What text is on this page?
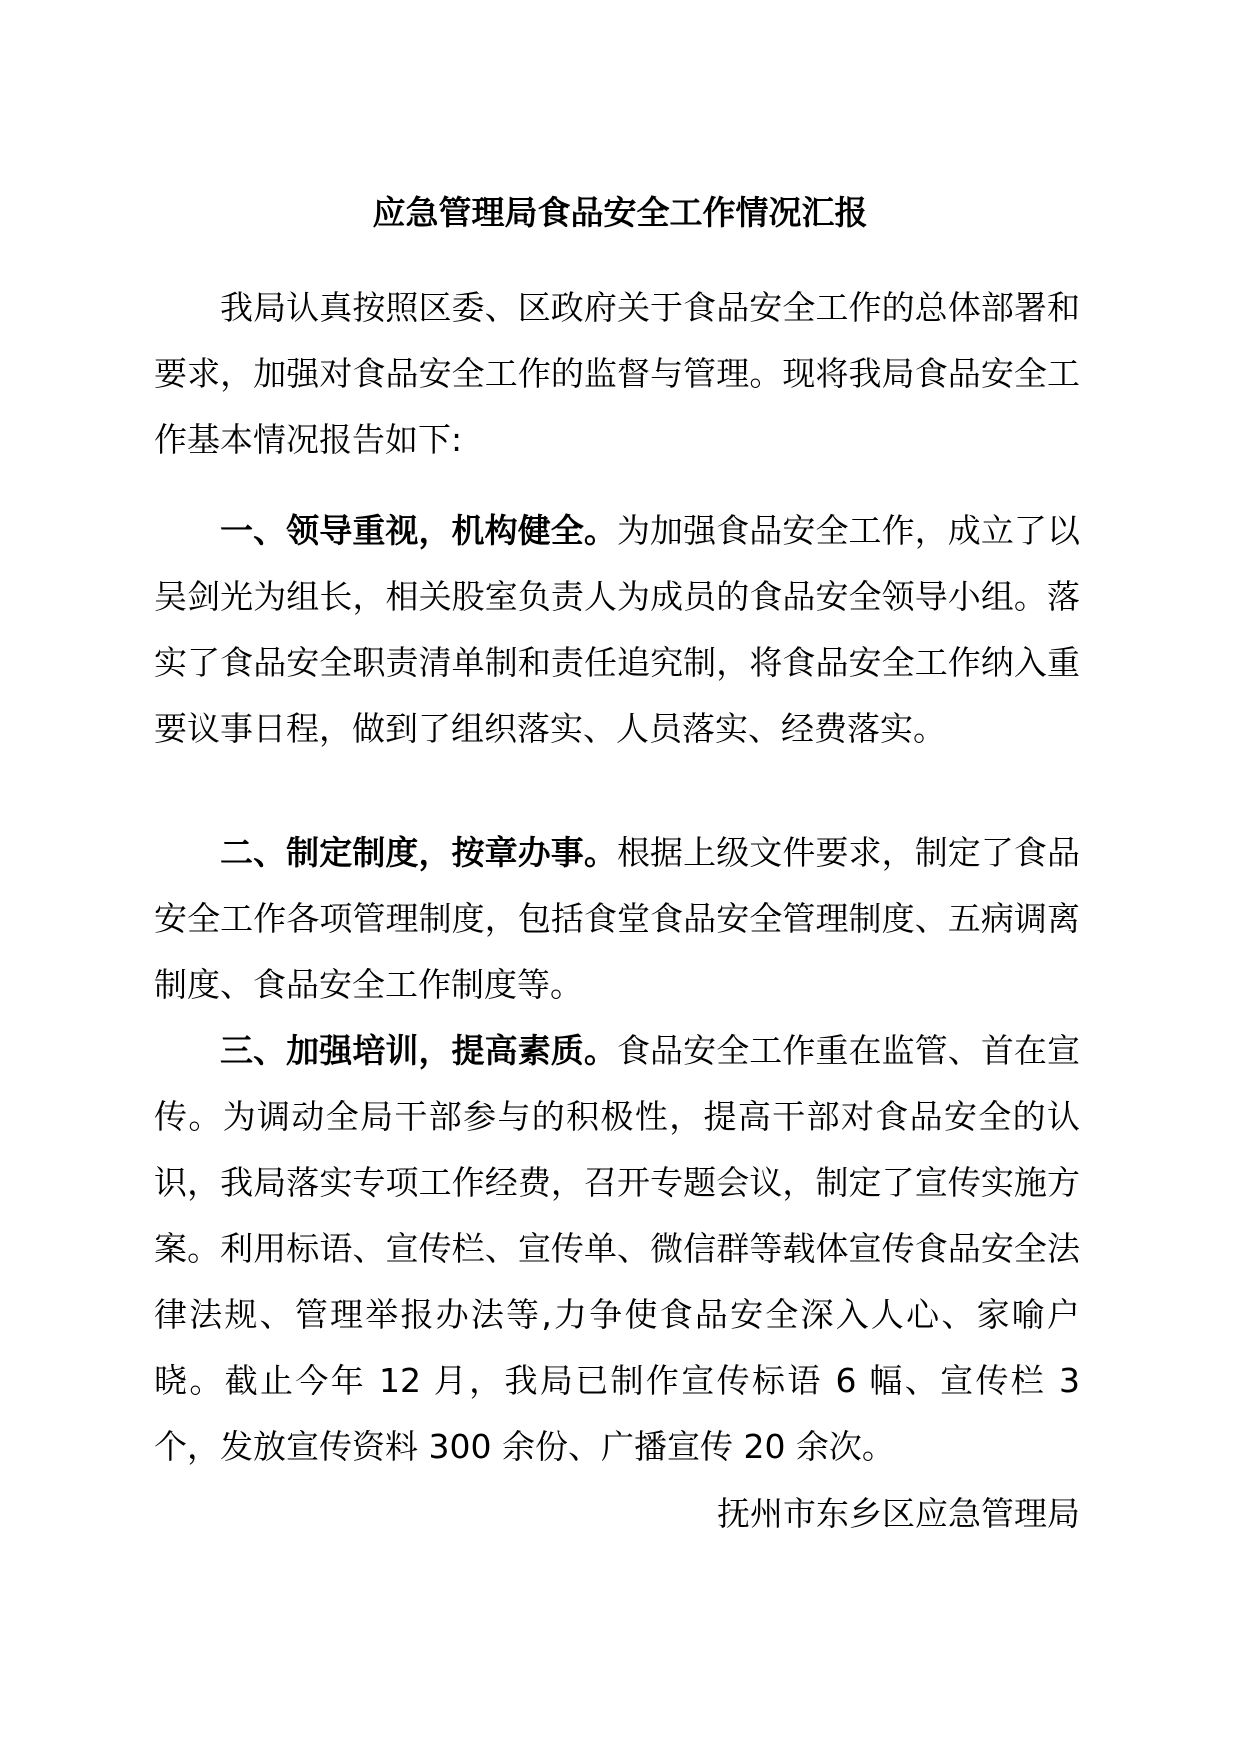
应急管理局食品安全工作情况汇报

我局认真按照区委、区政府关于食品安全工作的总体部署和要求，加强对食品安全工作的监督与管理。现将我局食品安全工作基本情况报告如下:

一、领导重视，机构健全。为加强食品安全工作，成立了以吴剑光为组长，相关股室负责人为成员的食品安全领导小组。落实了食品安全职责清单制和责任追究制，将食品安全工作纳入重要议事日程，做到了组织落实、人员落实、经费落实。

二、制定制度，按章办事。根据上级文件要求，制定了食品安全工作各项管理制度，包括食堂食品安全管理制度、五病调离制度、食品安全工作制度等。

三、加强培训，提高素质。食品安全工作重在监管、首在宣传。为调动全局干部参与的积极性，提高干部对食品安全的认识，我局落实专项工作经费，召开专题会议，制定了宣传实施方案。利用标语、宣传栏、宣传单、微信群等载体宣传食品安全法律法规、管理举报办法等,力争使食品安全深入人心、家喻户晓。截止今年 12 月，我局已制作宣传标语 6 幅、宣传栏 3 个，发放宣传资料 300 余份、广播宣传 20 余次。

抚州市东乡区应急管理局
